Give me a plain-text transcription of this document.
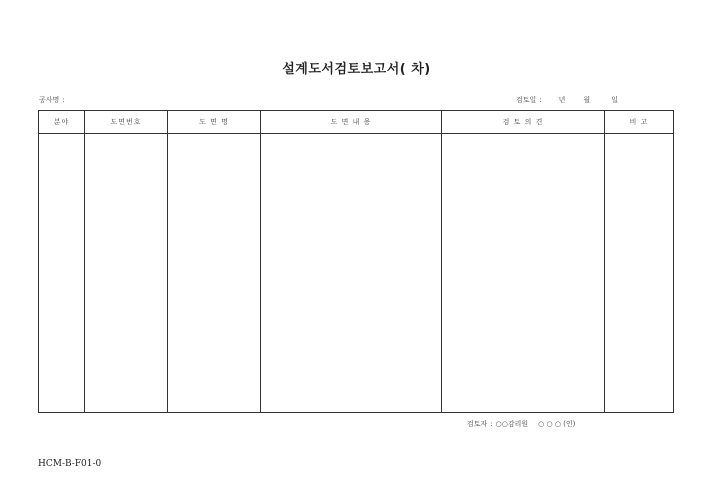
설계도서검토보고서( 차)
공사명 :	검토일 : 년	월	일
분야	도면번호	도 면 명	도 면 내 용	검 토 의 견	비 고

검토자 : ○○감리원 ○ ○ ○ (인)
HCM-B-F01-0
